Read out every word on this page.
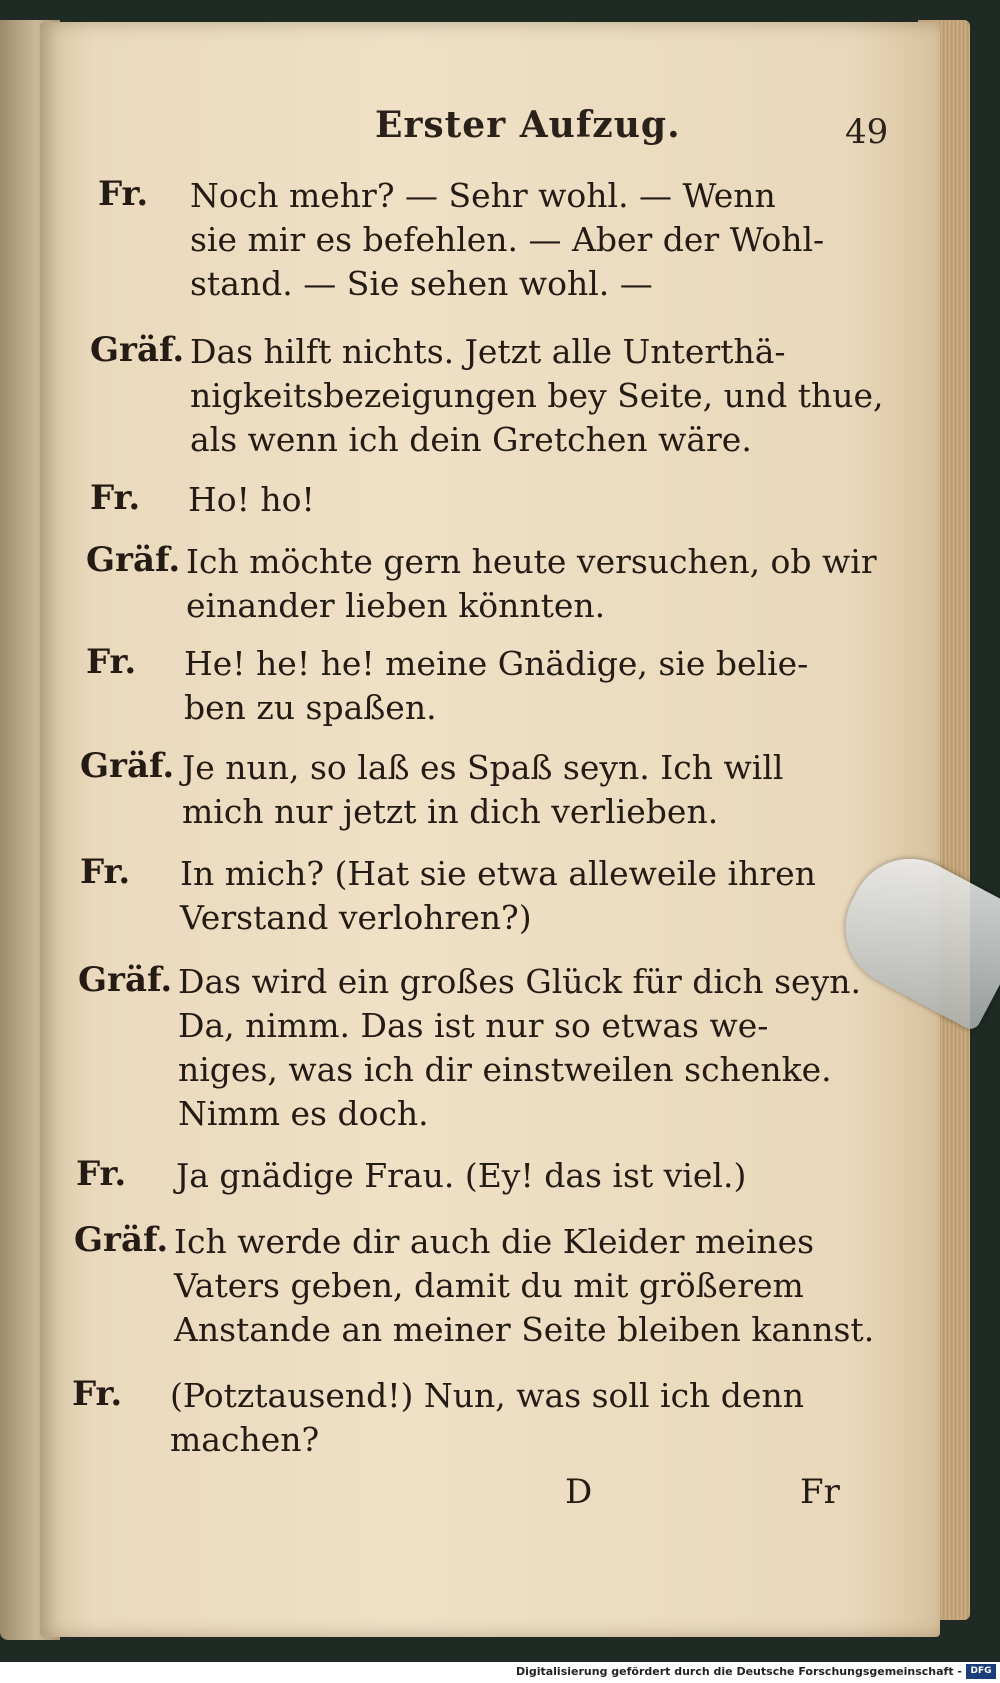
Erster Aufzug.	49
Fr. Noch mehr? — Sehr wohl. — Wenn
sie mir es befehlen. — Aber der Wohl-
stand. — Sie sehen wohl. —
Gräf. Das hilft nichts. Jetzt alle Unterthä-
nigkeitsbezeigungen bey Seite, und thue,
als wenn ich dein Gretchen wäre.
Fr. Ho! ho!
Gräf. Ich möchte gern heute versuchen, ob wir
einander lieben könnten.
Fr. He! he! he! meine Gnädige, sie belie-
ben zu spaßen.
Gräf. Je nun, so laß es Spaß seyn. Ich will
mich nur jetzt in dich verlieben.
Fr. In mich? (Hat sie etwa alleweile ihren
Verstand verlohren?)
Gräf. Das wird ein großes Glück für dich seyn.
Da, nimm. Das ist nur so etwas we-
niges, was ich dir einstweilen schenke.
Nimm es doch.
Fr. Ja gnädige Frau. (Ey! das ist viel.)
Gräf. Ich werde dir auch die Kleider meines
Vaters geben, damit du mit größerem
Anstande an meiner Seite bleiben kannst.
Fr. (Potztausend!) Nun, was soll ich denn
machen?
D	Fr
Digitalisierung gefördert durch die Deutsche Forschungsgemeinschaft - DFG
